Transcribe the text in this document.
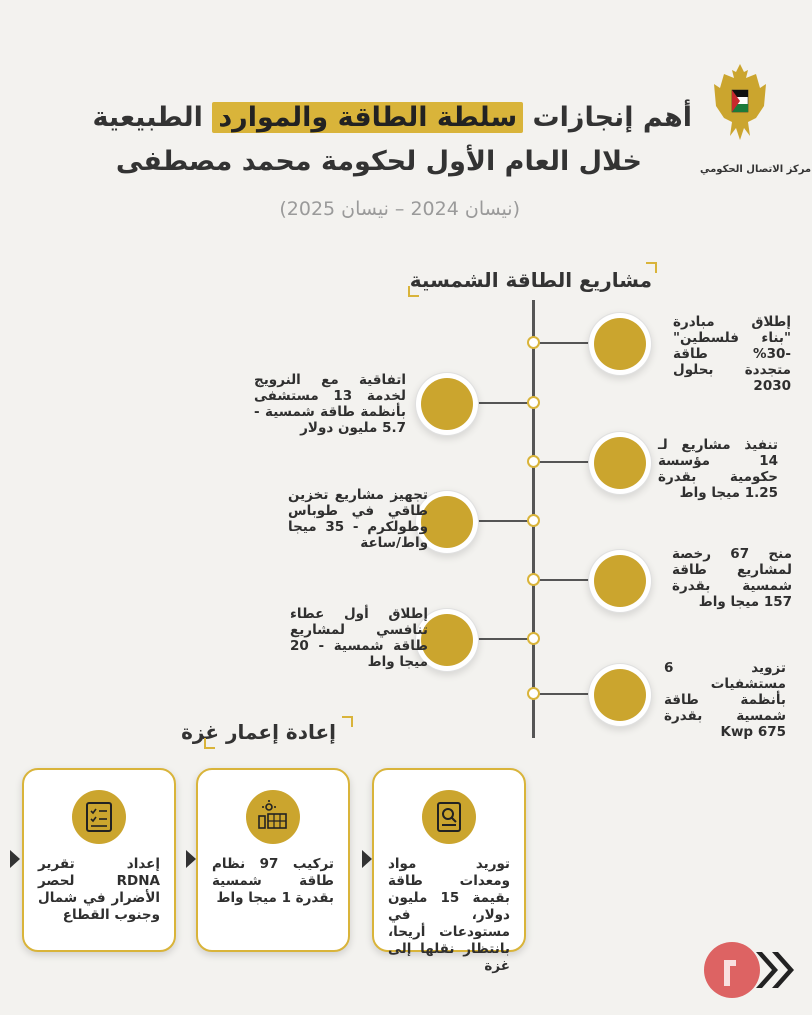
مركز الاتصال الحكومي
أهم إنجازات سلطة الطاقة والموارد الطبيعية
خلال العام الأول لحكومة محمد مصطفى
(نيسان 2024 – نيسان 2025)
مشاريع الطاقة الشمسية
إطلاق مبادرة "بناء فلسطين" -30% طاقة متجددة بحلول 2030
اتفاقية مع النرويج لخدمة 13 مستشفى بأنظمة طاقة شمسية - 5.7 مليون دولار
تنفيذ مشاريع لـ 14 مؤسسة حكومية بقدرة 1.25 ميجا واط
تجهيز مشاريع تخزين طاقي في طوباس وطولكرم - 35 ميجا واط/ساعة
منح 67 رخصة لمشاريع طاقة شمسية بقدرة 157 ميجا واط
إطلاق أول عطاء تنافسي لمشاريع طاقة شمسية - 20 ميجا واط	تزويد 6 مستشفيات بأنظمة طاقة شمسية بقدرة 675 Kwp
إعادة إعمار غزة
توريد مواد ومعدات طاقة بقيمة 15 مليون دولار، في مستودعات أريحا، بانتظار نقلها إلى غزة
تركيب 97 نظام طاقة شمسية بقدرة 1 ميجا واط
إعداد تقرير RDNA لحصر الأضرار في شمال وجنوب القطاع
